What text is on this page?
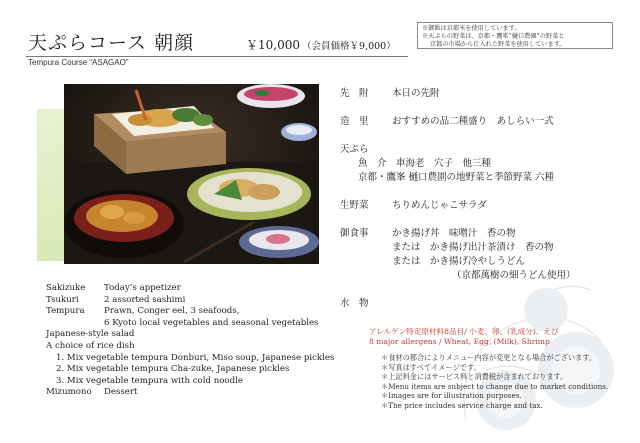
天ぷらコース 朝顔	￥10,000 （会員価格￥9,000）
Tempura Course “ASAGAO”
※御飯は京都米を使用しています。
※天ぷらの野菜は、京都・鷹峯“樋口農園”の野菜と
京都の市場から仕入れた野菜を使用しています。
先　附 本日の先附
造　里 おすすめの品二種盛り　あしらい一式
天ぷら
魚　介　車海老　穴子　他三種
京都・鷹峯 樋口農園の地野菜と季節野菜 六種
生野菜 ちりめんじゃこサラダ
御食事 かき揚げ丼　味噌汁　香の物
または　かき揚げ出汁茶漬け　香の物
または　かき揚げ冷やしうどん
（京都萬樹の細うどん使用）
水　物
Sakizuke Today’s appetizer
Tsukuri	2 assorted sashimi
Tempura Prawn, Conger eel, 3 seafoods,
6 Kyoto local vegetables and seasonal vegetables
Japanese-style salad
A choice of rice dish
1. Mix vegetable tempura Donburi, Miso soup, Japanese pickles
2. Mix vegetable tempura Cha-zuke, Japanese pickles
3. Mix vegetable tempura with cold noodle
Mizumono Dessert
アレルゲン特定原材料8品目/ 小麦、卵、(乳成分)、えび
8 major allergens / Wheat, Egg, (Milk), Shrimp
＊食材の都合によりメニュー内容が変更となる場合がございます。
＊写真はすべてイメージです。
＊上記料金にはサービス料と消費税が含まれております。
＊Menu items are subject to change due to market conditions.
＊Images are for illustration purposes.
＊The price includes service charge and tax.
